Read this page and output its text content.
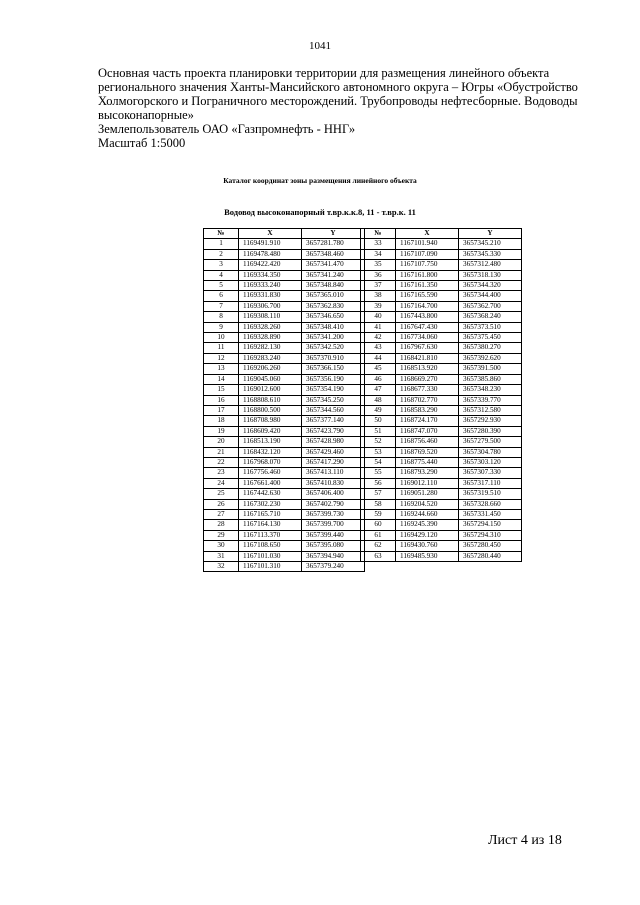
1041
Основная часть проекта планировки территории для размещения линейного объекта
регионального значения Ханты-Мансийского автономного округа – Югры «Обустройство
Холмогорского и Пограничного месторождений. Трубопроводы нефтесборные. Водоводы
высоконапорные»
Землепользователь ОАО «Газпромнефть - ННГ»
Масштаб 1:5000
Каталог координат зоны размещения линейного объекта
Водовод высоконапорный т.вр.к.к.8, 11 - т.вр.к. 11
№	X	Y
1	1169491.910	3657281.780
2	1169478.480	3657348.460
3	1169422.420	3657341.470
4	1169334.350	3657341.240
5	1169333.240	3657348.840
6	1169331.830	3657365.010
7	1169306.700	3657362.830
8	1169308.110	3657346.650
9	1169328.260	3657348.410
10	1169328.890	3657341.200
11	1169282.130	3657342.520
12	1169283.240	3657370.910
13	1169206.260	3657366.150
14	1169045.060	3657356.190
15	1169012.600	3657354.190
16	1168808.610	3657345.250
17	1168800.500	3657344.560
18	1168708.980	3657377.140
19	1168609.420	3657423.790
20	1168513.190	3657428.980
21	1168432.120	3657429.460
22	1167968.070	3657417.290
23	1167756.460	3657413.110
24	1167661.400	3657410.830
25	1167442.630	3657406.400
26	1167302.230	3657402.790
27	1167165.710	3657399.730
28	1167164.130	3657399.700
29	1167113.370	3657399.440
30	1167108.650	3657395.080
31	1167101.030	3657394.940
32	1167101.310	3657379.240
№	X	Y
33	1167101.940	3657345.210
34	1167107.090	3657345.330
35	1167107.750	3657312.480
36	1167161.800	3657318.130
37	1167161.350	3657344.320
38	1167165.590	3657344.400
39	1167164.700	3657362.700
40	1167443.800	3657368.240
41	1167647.430	3657373.510
42	1167734.060	3657375.450
43	1167967.630	3657380.270
44	1168421.810	3657392.620
45	1168513.920	3657391.500
46	1168669.270	3657385.860
47	1168677.330	3657348.230
48	1168702.770	3657339.770
49	1168583.290	3657312.580
50	1168724.170	3657292.930
51	1168747.070	3657280.390
52	1168756.460	3657279.500
53	1168769.520	3657304.780
54	1168775.440	3657303.120
55	1168793.290	3657307.330
56	1169012.110	3657317.110
57	1169051.280	3657319.510
58	1169204.520	3657328.660
59	1169244.660	3657331.450
60	1169245.390	3657294.150
61	1169429.120	3657294.310
62	1169430.760	3657280.450
63	1169485.930	3657280.440
Лист 4 из 18
